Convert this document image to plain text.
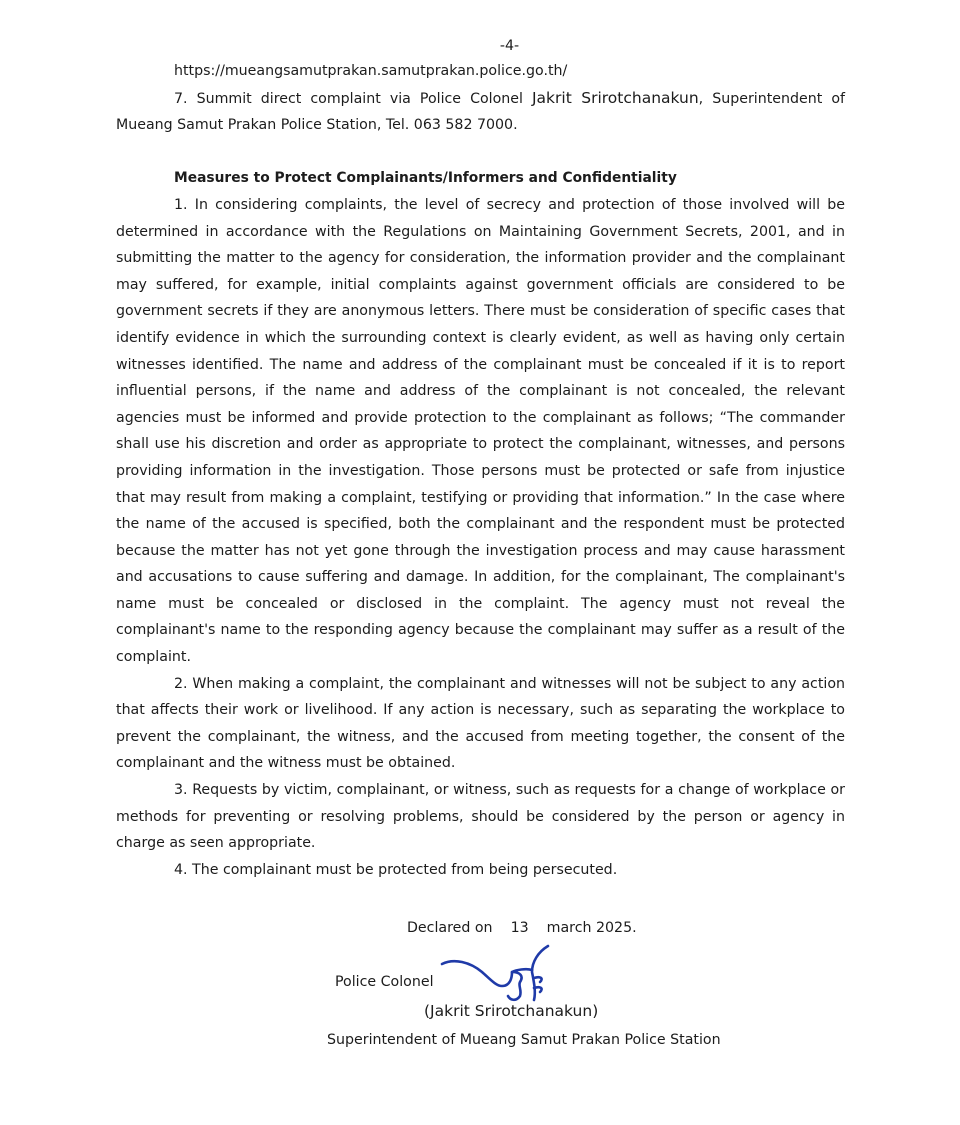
-4-

https://mueangsamutprakan.samutprakan.police.go.th/

7. Summit direct complaint via Police Colonel Jakrit Srirotchanakun, Superintendent of Mueang Samut Prakan Police Station, Tel. 063 582 7000.

Measures to Protect Complainants/Informers and Confidentiality

1. In considering complaints, the level of secrecy and protection of those involved will be determined in accordance with the Regulations on Maintaining Government Secrets, 2001, and in submitting the matter to the agency for consideration, the information provider and the complainant may suffered, for example, initial complaints against government officials are considered to be government secrets if they are anonymous letters. There must be consideration of specific cases that identify evidence in which the surrounding context is clearly evident, as well as having only certain witnesses identified. The name and address of the complainant must be concealed if it is to report influential persons, if the name and address of the complainant is not concealed, the relevant agencies must be informed and provide protection to the complainant as follows; “The commander shall use his discretion and order as appropriate to protect the complainant, witnesses, and persons providing information in the investigation. Those persons must be protected or safe from injustice that may result from making a complaint, testifying or providing that information.” In the case where the name of the accused is specified, both the complainant and the respondent must be protected because the matter has not yet gone through the investigation process and may cause harassment and accusations to cause suffering and damage. In addition, for the complainant, The complainant's name must be concealed or disclosed in the complaint. The agency must not reveal the complainant's name to the responding agency because the complainant may suffer as a result of the complaint.

2. When making a complaint, the complainant and witnesses will not be subject to any action that affects their work or livelihood. If any action is necessary, such as separating the workplace to prevent the complainant, the witness, and the accused from meeting together, the consent of the complainant and the witness must be obtained.

3. Requests by victim, complainant, or witness, such as requests for a change of workplace or methods for preventing or resolving problems, should be considered by the person or agency in charge as seen appropriate.

4. The complainant must be protected from being persecuted.

Declared on    13    march 2025.
Police Colonel
(Jakrit Srirotchanakun)
Superintendent of Mueang Samut Prakan Police Station
